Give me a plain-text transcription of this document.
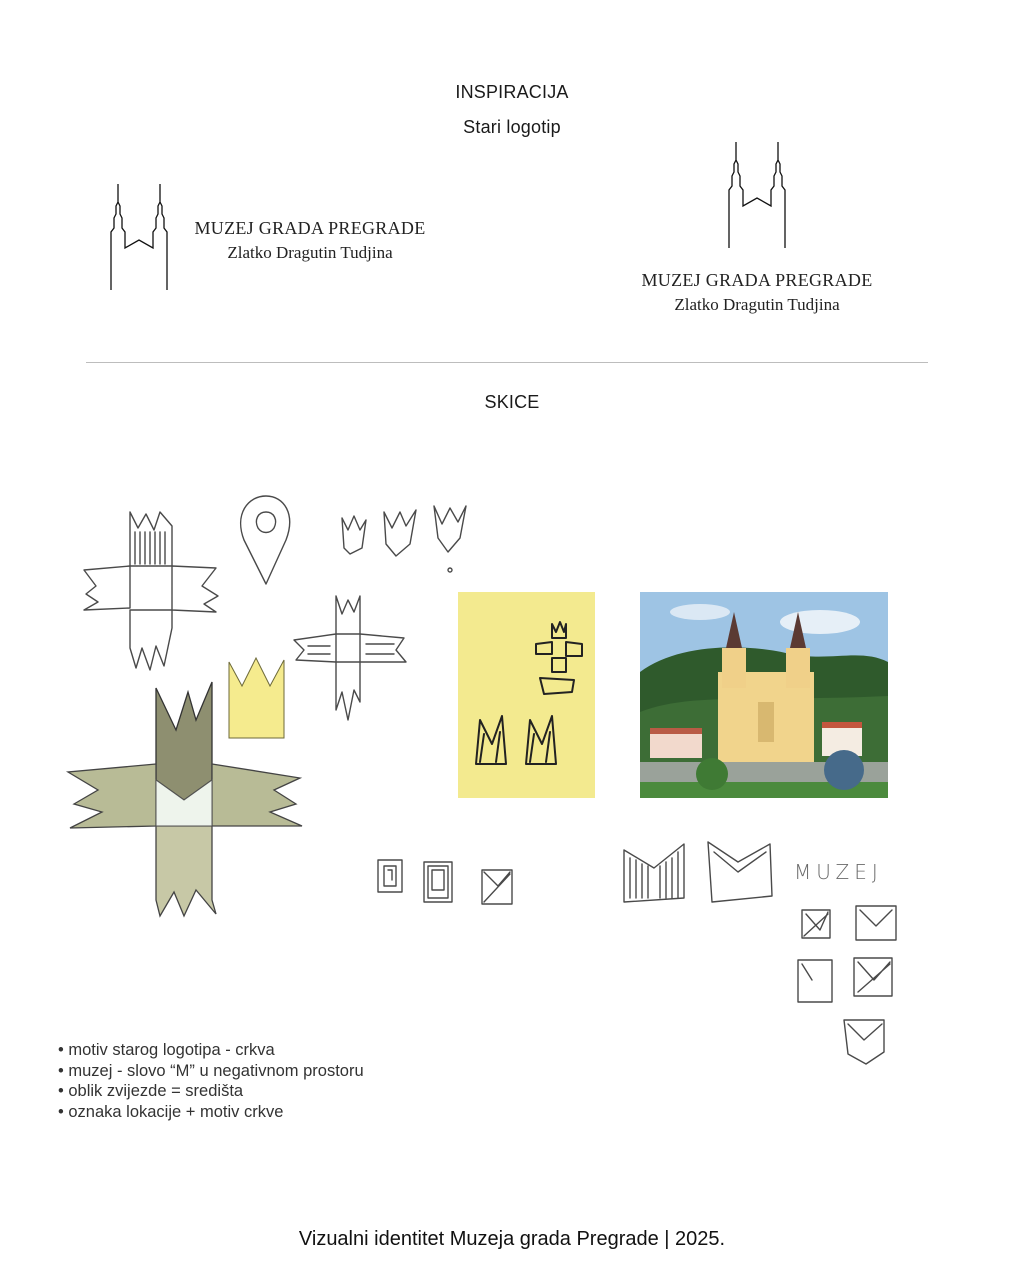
INSPIRACIJA
Stari logotip
MUZEJ GRADA PREGRADE
Zlatko Dragutin Tudjina
MUZEJ GRADA PREGRADE
Zlatko Dragutin Tudjina
SKICE
MUZEJ
• motiv starog logotipa - crkva
• muzej - slovo “M” u negativnom prostoru
• oblik zvijezde = središta
• oznaka lokacije + motiv crkve
Vizualni identitet Muzeja grada Pregrade | 2025.
